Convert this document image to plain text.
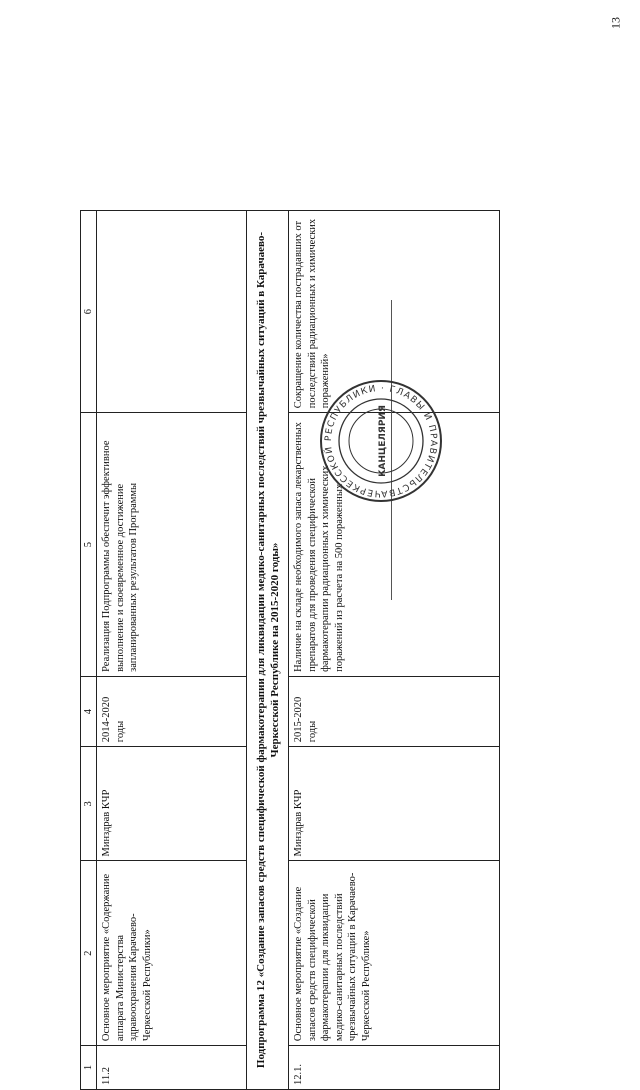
13
1	2	3	4	5	6
11.2	Основное мероприятие «Содержание аппарата Министерства здравоохранения Карачаево-Черкесской Республики»	Минздрав КЧР	2014-2020 годы	Реализация Подпрограммы обеспечит эффективное выполнение и своевременное достижение запланированных результатов Программы	
Подпрограмма 12 «Создание запасов средств специфической фармакотерапии для ликвидации медико-санитарных последствий чрезвычайных ситуаций в Карачаево-Черкесской Республике на 2015-2020 годы»					
12.1.	Основное мероприятие «Создание запасов средств специфической фармакотерапии для ликвидации медико-санитарных последствий чрезвычайных ситуаций в Карачаево-Черкесской Республике»	Минздрав КЧР	2015-2020 годы	Наличие на складе необходимого запаса лекарственных препаратов для проведения специфической фармакотерапии радиационных и химических поражений из расчета на 500 пораженных	Сокращение количества пострадавших от последствий радиационных и химических поражений»
ЧЕРКЕССКОЙ РЕСПУБЛИКИ · ГЛАВЫ И ПРАВИТЕЛЬСТВА
КАНЦЕЛЯРИЯ
